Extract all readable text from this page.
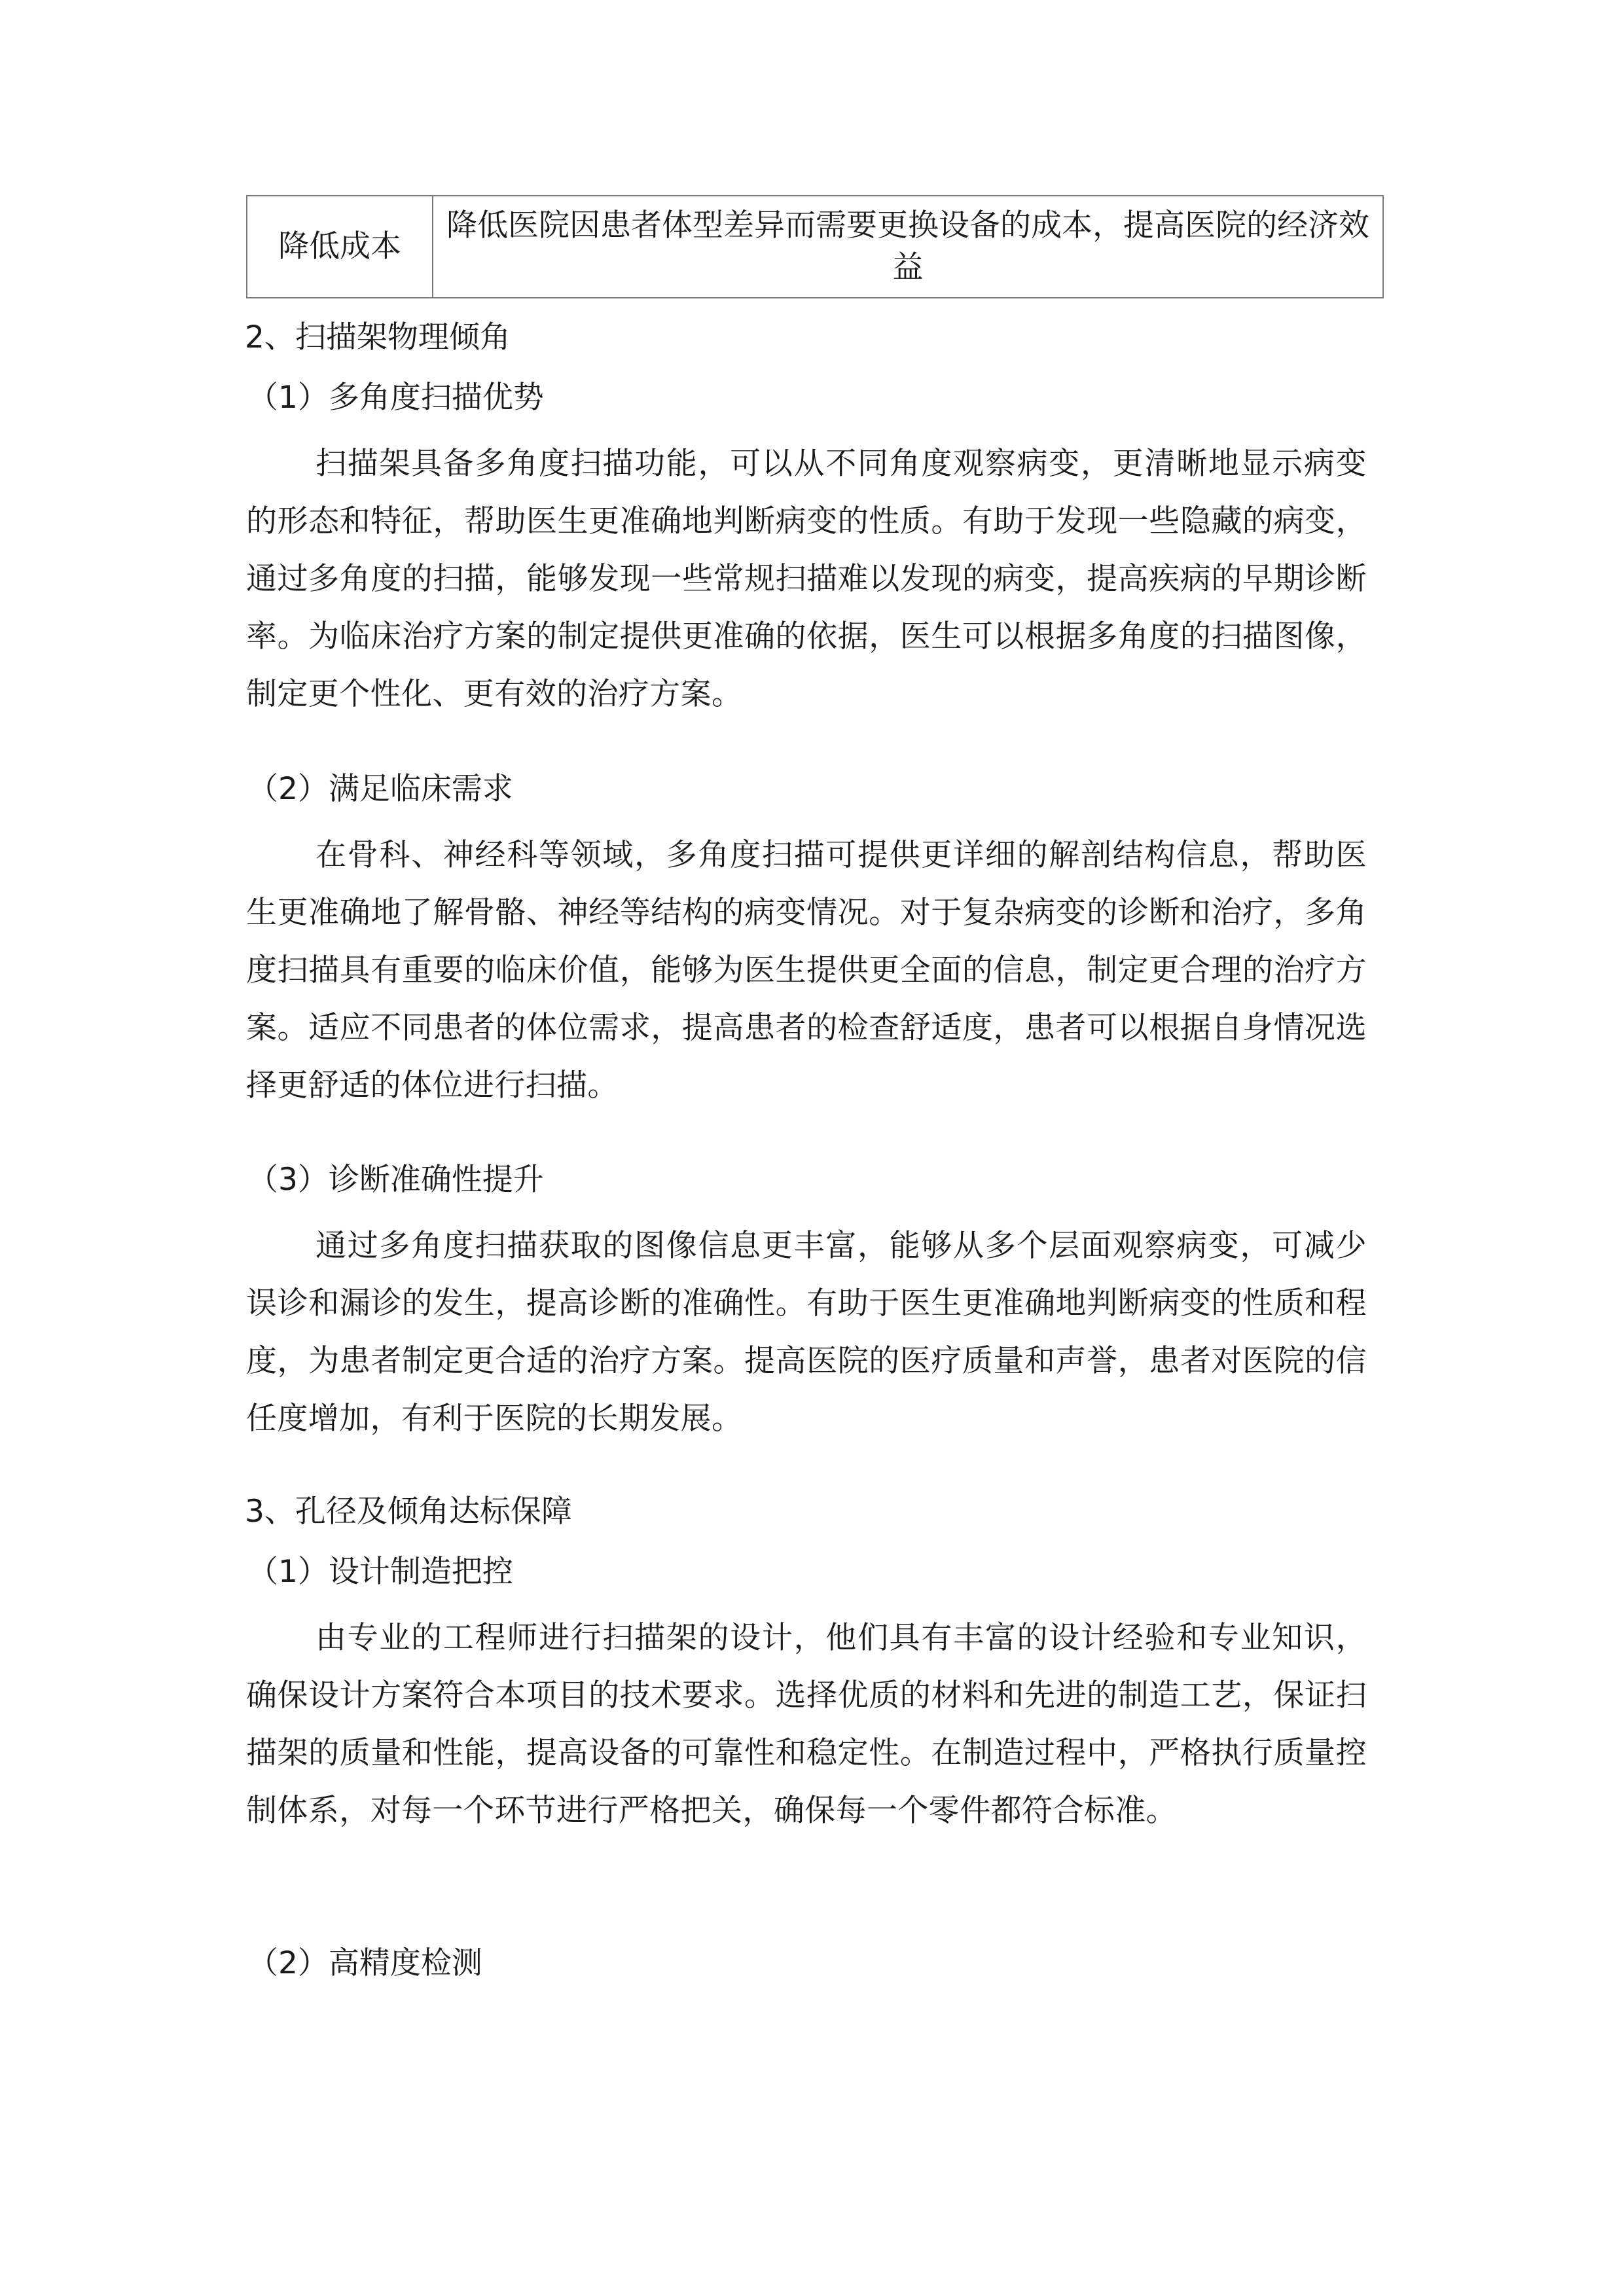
降低成本	降低医院因患者体型差异而需要更换设备的成本，提高医院的经济效益
2、扫描架物理倾角
（1）多角度扫描优势
扫描架具备多角度扫描功能，可以从不同角度观察病变，更清晰地显示病变的形态和特征，帮助医生更准确地判断病变的性质。有助于发现一些隐藏的病变，通过多角度的扫描，能够发现一些常规扫描难以发现的病变，提高疾病的早期诊断率。为临床治疗方案的制定提供更准确的依据，医生可以根据多角度的扫描图像，制定更个性化、更有效的治疗方案。
（2）满足临床需求
在骨科、神经科等领域，多角度扫描可提供更详细的解剖结构信息，帮助医生更准确地了解骨骼、神经等结构的病变情况。对于复杂病变的诊断和治疗，多角度扫描具有重要的临床价值，能够为医生提供更全面的信息，制定更合理的治疗方案。适应不同患者的体位需求，提高患者的检查舒适度，患者可以根据自身情况选择更舒适的体位进行扫描。
（3）诊断准确性提升
通过多角度扫描获取的图像信息更丰富，能够从多个层面观察病变，可减少误诊和漏诊的发生，提高诊断的准确性。有助于医生更准确地判断病变的性质和程度，为患者制定更合适的治疗方案。提高医院的医疗质量和声誉，患者对医院的信任度增加，有利于医院的长期发展。
3、孔径及倾角达标保障
（1）设计制造把控
由专业的工程师进行扫描架的设计，他们具有丰富的设计经验和专业知识，确保设计方案符合本项目的技术要求。选择优质的材料和先进的制造工艺，保证扫描架的质量和性能，提高设备的可靠性和稳定性。在制造过程中，严格执行质量控制体系，对每一个环节进行严格把关，确保每一个零件都符合标准。
（2）高精度检测
